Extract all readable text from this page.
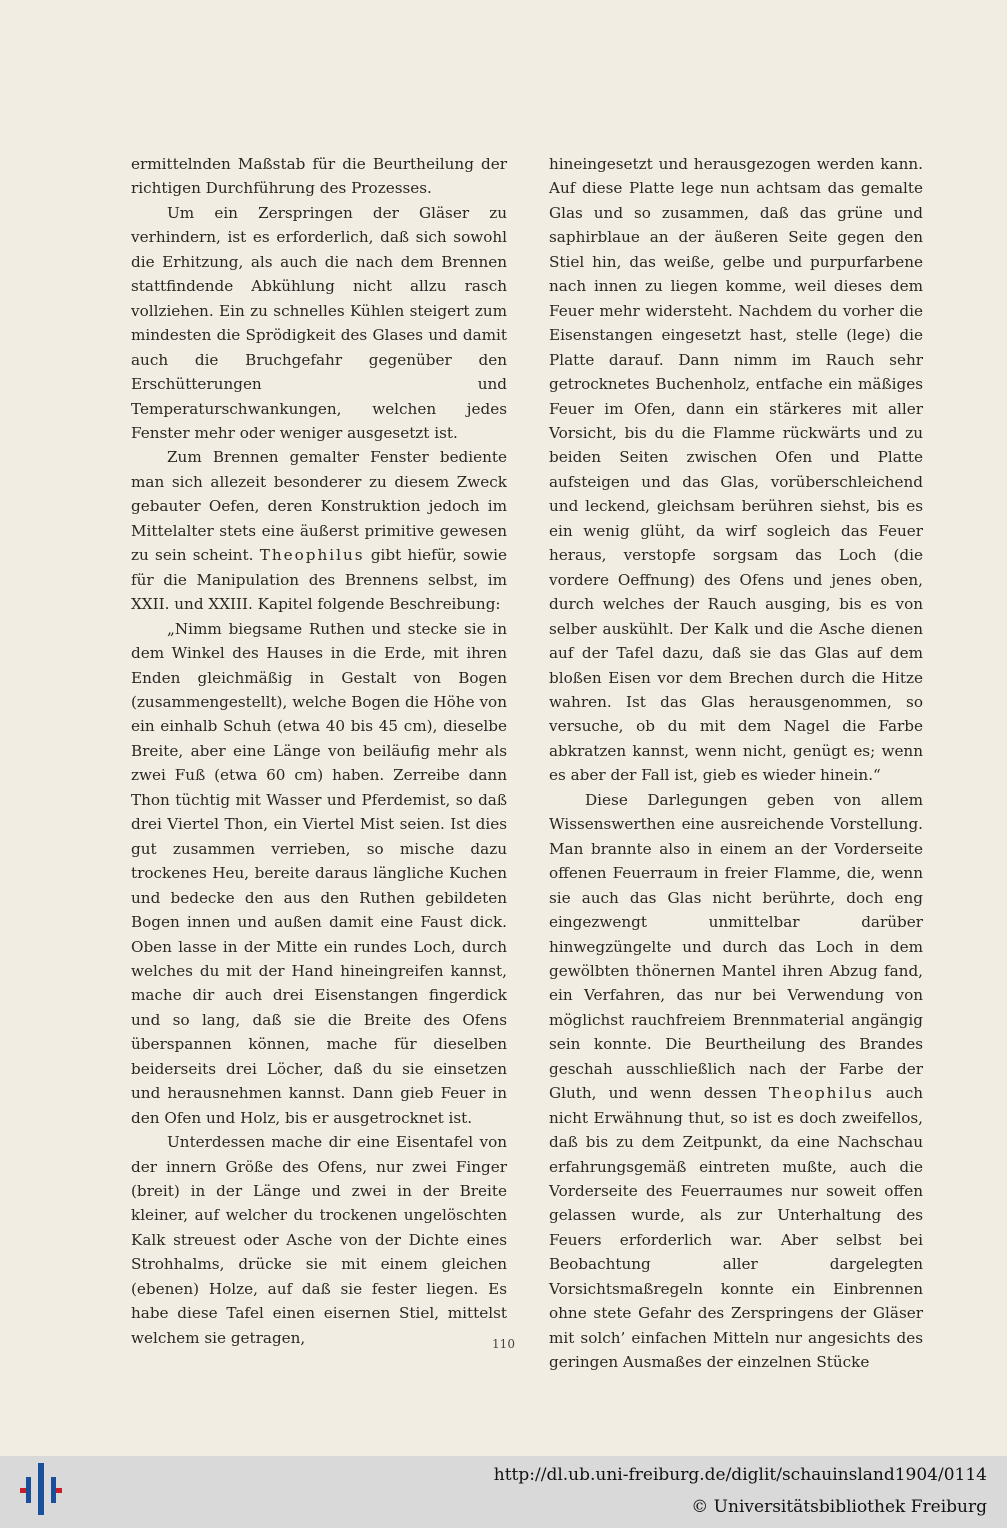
ermittelnden Maßstab für die Beurtheilung der richtigen Durchführung des Prozesses.

Um ein Zerspringen der Gläser zu verhindern, ist es erforderlich, daß sich sowohl die Erhitzung, als auch die nach dem Brennen stattfindende Abkühlung nicht allzu rasch vollziehen. Ein zu schnelles Kühlen steigert zum mindesten die Sprödigkeit des Glases und damit auch die Bruchgefahr gegenüber den Erschütterungen und Temperaturschwankungen, welchen jedes Fenster mehr oder weniger ausgesetzt ist.

Zum Brennen gemalter Fenster bediente man sich allezeit besonderer zu diesem Zweck gebauter Oefen, deren Konstruktion jedoch im Mittelalter stets eine äußerst primitive gewesen zu sein scheint. Theophilus gibt hiefür, sowie für die Manipulation des Brennens selbst, im XXII. und XXIII. Kapitel folgende Beschreibung:

„Nimm biegsame Ruthen und stecke sie in dem Winkel des Hauses in die Erde, mit ihren Enden gleichmäßig in Gestalt von Bogen (zusammengestellt), welche Bogen die Höhe von ein einhalb Schuh (etwa 40 bis 45 cm), dieselbe Breite, aber eine Länge von beiläufig mehr als zwei Fuß (etwa 60 cm) haben. Zerreibe dann Thon tüchtig mit Wasser und Pferdemist, so daß drei Viertel Thon, ein Viertel Mist seien. Ist dies gut zusammen verrieben, so mische dazu trockenes Heu, bereite daraus längliche Kuchen und bedecke den aus den Ruthen gebildeten Bogen innen und außen damit eine Faust dick. Oben lasse in der Mitte ein rundes Loch, durch welches du mit der Hand hineingreifen kannst, mache dir auch drei Eisenstangen fingerdick und so lang, daß sie die Breite des Ofens überspannen können, mache für dieselben beiderseits drei Löcher, daß du sie einsetzen und herausnehmen kannst. Dann gieb Feuer in den Ofen und Holz, bis er ausgetrocknet ist.

Unterdessen mache dir eine Eisentafel von der innern Größe des Ofens, nur zwei Finger (breit) in der Länge und zwei in der Breite kleiner, auf welcher du trockenen ungelöschten Kalk streuest oder Asche von der Dichte eines Strohhalms, drücke sie mit einem gleichen (ebenen) Holze, auf daß sie fester liegen. Es habe diese Tafel einen eisernen Stiel, mittelst welchem sie getragen,

hineingesetzt und herausgezogen werden kann. Auf diese Platte lege nun achtsam das gemalte Glas und so zusammen, daß das grüne und saphirblaue an der äußeren Seite gegen den Stiel hin, das weiße, gelbe und purpurfarbene nach innen zu liegen komme, weil dieses dem Feuer mehr widersteht. Nachdem du vorher die Eisenstangen eingesetzt hast, stelle (lege) die Platte darauf. Dann nimm im Rauch sehr getrocknetes Buchenholz, entfache ein mäßiges Feuer im Ofen, dann ein stärkeres mit aller Vorsicht, bis du die Flamme rückwärts und zu beiden Seiten zwischen Ofen und Platte aufsteigen und das Glas, vorüberschleichend und leckend, gleichsam berühren siehst, bis es ein wenig glüht, da wirf sogleich das Feuer heraus, verstopfe sorgsam das Loch (die vordere Oeffnung) des Ofens und jenes oben, durch welches der Rauch ausging, bis es von selber auskühlt. Der Kalk und die Asche dienen auf der Tafel dazu, daß sie das Glas auf dem bloßen Eisen vor dem Brechen durch die Hitze wahren. Ist das Glas herausgenommen, so versuche, ob du mit dem Nagel die Farbe abkratzen kannst, wenn nicht, genügt es; wenn es aber der Fall ist, gieb es wieder hinein.“

Diese Darlegungen geben von allem Wissenswerthen eine ausreichende Vorstellung. Man brannte also in einem an der Vorderseite offenen Feuerraum in freier Flamme, die, wenn sie auch das Glas nicht berührte, doch eng eingezwengt unmittelbar darüber hinwegzüngelte und durch das Loch in dem gewölbten thönernen Mantel ihren Abzug fand, ein Verfahren, das nur bei Verwendung von möglichst rauchfreiem Brennmaterial angängig sein konnte. Die Beurtheilung des Brandes geschah ausschließlich nach der Farbe der Gluth, und wenn dessen Theophilus auch nicht Erwähnung thut, so ist es doch zweifellos, daß bis zu dem Zeitpunkt, da eine Nachschau erfahrungsgemäß eintreten mußte, auch die Vorderseite des Feuerraumes nur soweit offen gelassen wurde, als zur Unterhaltung des Feuers erforderlich war. Aber selbst bei Beobachtung aller dargelegten Vorsichtsmaßregeln konnte ein Einbrennen ohne stete Gefahr des Zerspringens der Gläser mit solch’ einfachen Mitteln nur angesichts des geringen Ausmaßes der einzelnen Stücke

110
http://dl.ub.uni-freiburg.de/diglit/schauinsland1904/0114
© Universitätsbibliothek Freiburg
